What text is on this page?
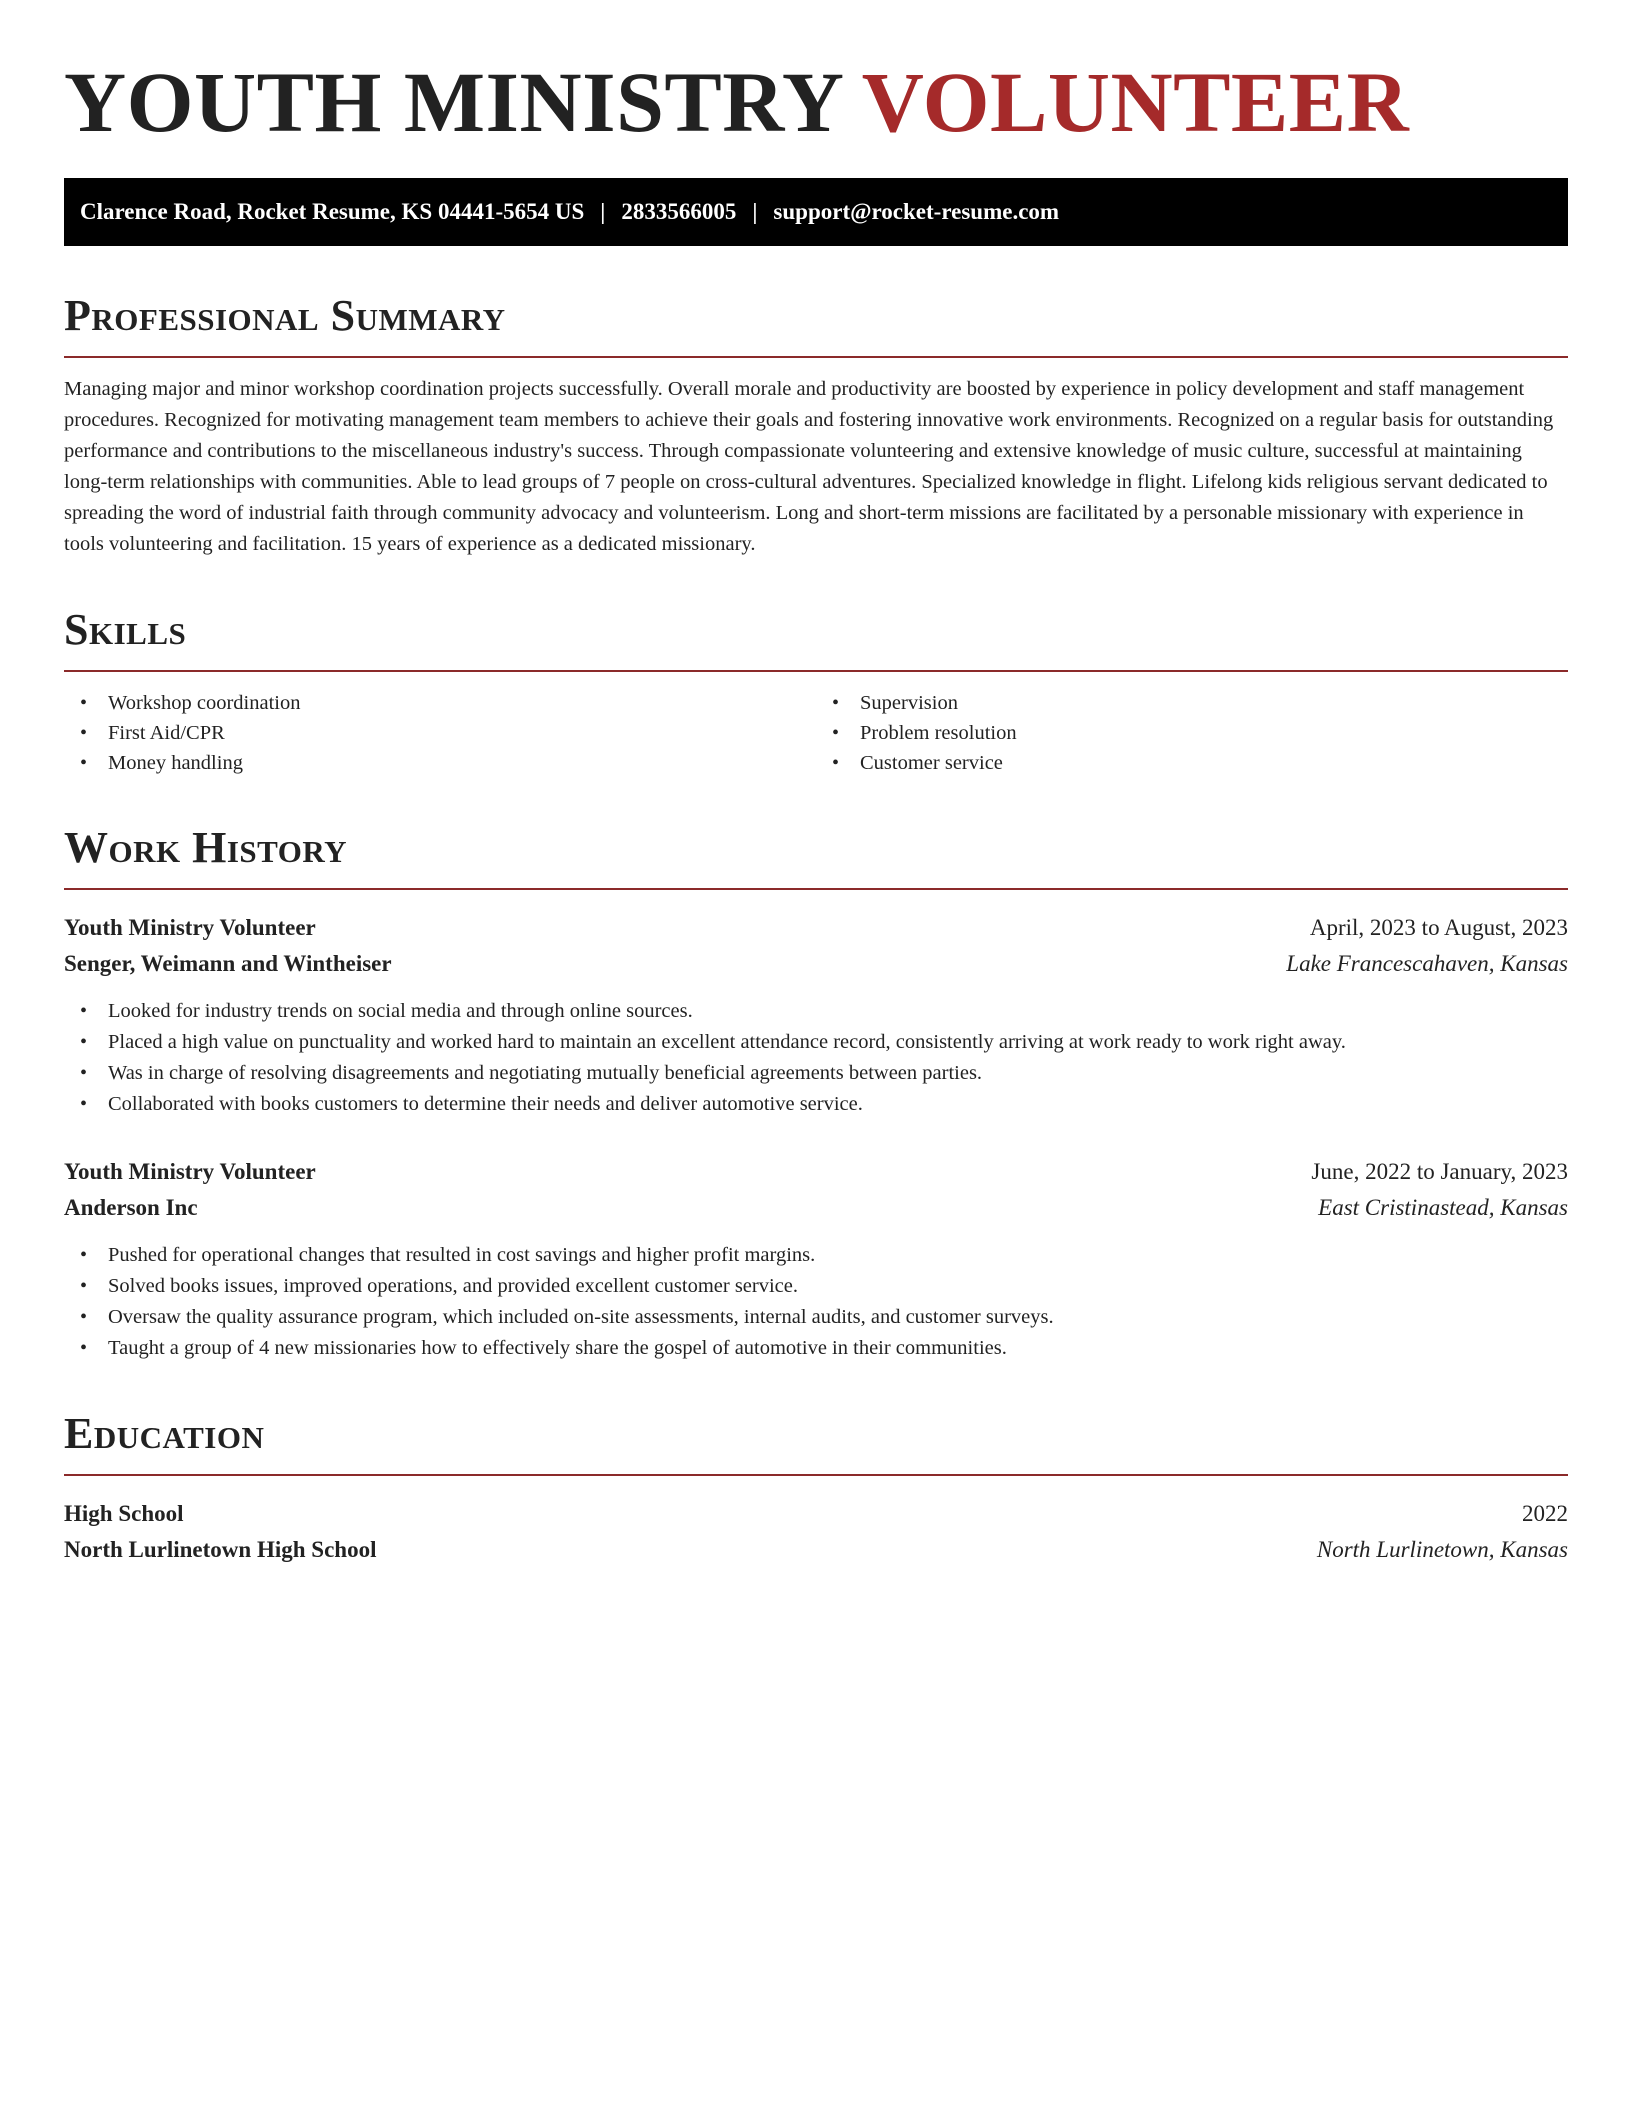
YOUTH MINISTRY VOLUNTEER
Clarence Road, Rocket Resume, KS 04441-5654 US | 2833566005 | support@rocket-resume.com
Professional Summary

Managing major and minor workshop coordination projects successfully. Overall morale and productivity are boosted by experience in policy development and staff management procedures. Recognized for motivating management team members to achieve their goals and fostering innovative work environments. Recognized on a regular basis for outstanding performance and contributions to the miscellaneous industry's success. Through compassionate volunteering and extensive knowledge of music culture, successful at maintaining long-term relationships with communities. Able to lead groups of 7 people on cross-cultural adventures. Specialized knowledge in flight. Lifelong kids religious servant dedicated to spreading the word of industrial faith through community advocacy and volunteerism. Long and short-term missions are facilitated by a personable missionary with experience in tools volunteering and facilitation. 15 years of experience as a dedicated missionary.

Skills
• Workshop coordination
• First Aid/CPR
• Money handling
• Supervision
• Problem resolution
• Customer service
Work History
Youth Ministry Volunteer	April, 2023 to August, 2023
Senger, Weimann and Wintheiser	Lake Francescahaven, Kansas
• Looked for industry trends on social media and through online sources.
• Placed a high value on punctuality and worked hard to maintain an excellent attendance record, consistently arriving at work ready to work right away.
• Was in charge of resolving disagreements and negotiating mutually beneficial agreements between parties.
• Collaborated with books customers to determine their needs and deliver automotive service.
Youth Ministry Volunteer	June, 2022 to January, 2023
Anderson Inc	East Cristinastead, Kansas
• Pushed for operational changes that resulted in cost savings and higher profit margins.
• Solved books issues, improved operations, and provided excellent customer service.
• Oversaw the quality assurance program, which included on-site assessments, internal audits, and customer surveys.
• Taught a group of 4 new missionaries how to effectively share the gospel of automotive in their communities.
Education
High School	2022
North Lurlinetown High School	North Lurlinetown, Kansas
